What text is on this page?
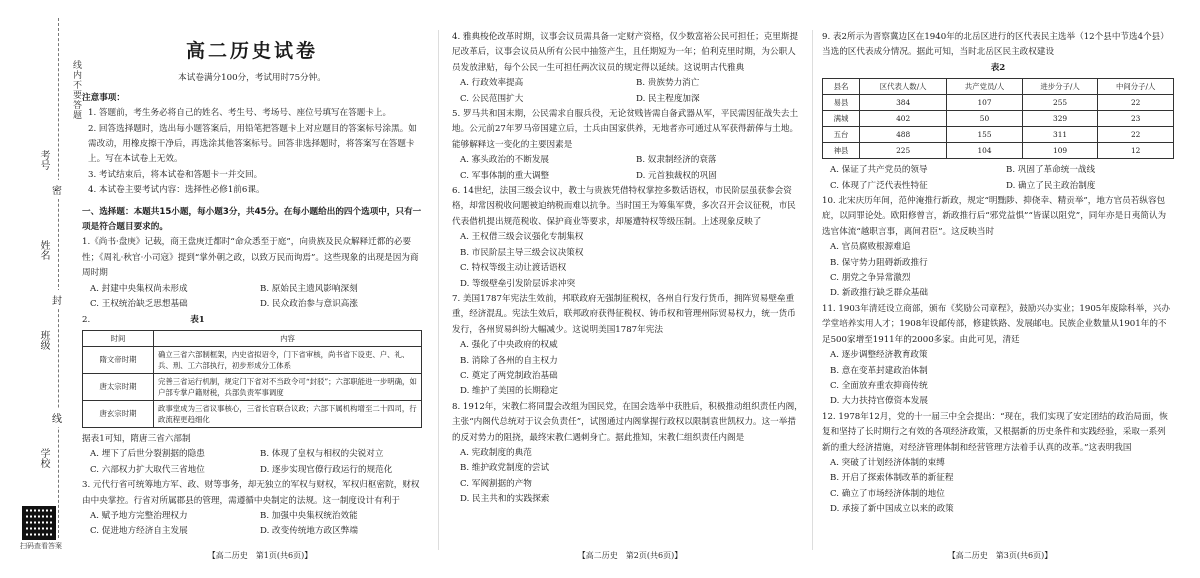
考号
姓名
班级
学校
密
封
线
线内不要答题
扫码查看答案
高二历史试卷
本试卷满分100分，考试用时75分钟。
注意事项：
1. 答题前，考生务必将自己的姓名、考生号、考场号、座位号填写在答题卡上。
2. 回答选择题时，选出每小题答案后，用铅笔把答题卡上对应题目的答案标号涂黑。如需改动，用橡皮擦干净后，再选涂其他答案标号。回答非选择题时，将答案写在答题卡上。写在本试卷上无效。
3. 考试结束后，将本试卷和答题卡一并交回。
4. 本试卷主要考试内容：选择性必修1前6课。
一、选择题：本题共15小题，每小题3分，共45分。在每小题给出的四个选项中，只有一项是符合题目要求的。
1.《尚书·盘庚》记载，商王盘庚迁都时“命众悉至于庭”，向贵族及民众解释迁都的必要性；《周礼·秋官·小司寇》提到“掌外朝之政，以致万民而询焉”。这些现象的出现是因为商周时期
A. 封建中央集权尚未形成	B. 原始民主遗风影响深刻
C. 王权统治缺乏思想基础	D. 民众政治参与意识高涨
2.	表1
时间	内容
隋文帝时期	确立三省六部制框架，内史省拟诏令，门下省审核，尚书省下设吏、户、礼、兵、刑、工六部执行，初步形成分工体系
唐太宗时期	完善三省运行机制，规定门下省对不当政令可“封驳”；六部职能进一步明确，如户部专掌户籍财税，兵部负责军事调度
唐玄宗时期	政事堂成为三省议事核心，三省长官联合议政；六部下属机构增至二十四司，行政流程更趋细化
据表1可知，隋唐三省六部制
A. 埋下了后世分裂割据的隐患	B. 体现了皇权与相权的尖锐对立
C. 六部权力扩大取代三省地位	D. 逐步实现官僚行政运行的规范化
3. 元代行省可统筹地方军、政、财等事务，却无独立的军权与财权，军权归枢密院，财权由中央掌控。行省对所属郡县的管理，需遵循中央制定的法规。这一制度设计有利于
A. 赋予地方完整治理权力	B. 加强中央集权统治效能
C. 促进地方经济自主发展	D. 改变传统地方政区弊端
4. 雅典梭伦改革时期，议事会议员需具备一定财产资格，仅少数富裕公民可担任；克里斯提尼改革后，议事会议员从所有公民中抽签产生，且任期短为一年；伯利克里时期，为公职人员发放津贴，每个公民一生可担任两次议员的规定得以延续。这说明古代雅典
A. 行政效率提高	B. 贵族势力消亡
C. 公民范围扩大	D. 民主程度加深
5. 罗马共和国末期，公民需求自服兵役，无论贫贱皆需自备武器从军，平民需因征战失去土地。公元前27年罗马帝国建立后，士兵由国家供养，无地者亦可通过从军获得薪俸与土地。能够解释这一变化的主要因素是
A. 寡头政治的不断发展	B. 奴隶制经济的衰落
C. 军事体制的重大调整	D. 元首独裁权的巩固
6. 14世纪，法国三级会议中，教士与贵族凭借特权掌控多数话语权，市民阶层虽获参会资格，却常因税收问题被迫纳税而难以抗争。当时国王为筹集军费，多次召开会议征税，市民代表借机提出规范税收、保护商业等要求，却屡遭特权等级压制。上述现象反映了
A. 王权借三级会议强化专制集权
B. 市民阶层主导三级会议决策权
C. 特权等级主动让渡话语权
D. 等级壁垒引发阶层诉求冲突
7. 美国1787年宪法生效前，邦联政府无强制征税权，各州自行发行货币，拥阵贸易壁垒重重，经济混乱。宪法生效后，联邦政府获得征税权、铸币权和管理州际贸易权力，统一货币发行，各州贸易纠纷大幅减少。这说明美国1787年宪法
A. 强化了中央政府的权威
B. 消除了各州的自主权力
C. 奠定了两党制政治基础
D. 维护了美国的长期稳定
8. 1912年，宋教仁将同盟会改组为国民党，在国会选举中获胜后，积极推动组织责任内阁，主张“内阁代总统对于议会负责任”，试图通过内阁掌握行政权以限制袁世凯权力。这一举措的反对势力的阻挠，最终宋教仁遇刺身亡。据此推知，宋教仁组织责任内阁是
A. 宪政制度的典范
B. 维护政党制度的尝试
C. 军阀割据的产物
D. 民主共和的实践探索
9. 表2所示为晋察冀边区在1940年的北岳区进行的区代表民主选举（12个县中节选4个县）当选的区代表成分情况。据此可知，当时北岳区民主政权建设
表2
县名	区代表人数/人	共产党员/人	进步分子/人	中间分子/人
易县	384	107	255	22
满城	402	50	329	23
五台	488	155	311	22
神县	225	104	109	12
A. 保证了共产党员的领导	B. 巩固了革命统一战线
C. 体现了广泛代表性特征	D. 确立了民主政治制度
10. 北宋庆历年间，范仲淹推行新政，规定“明黜陟、抑侥幸、精贡举”，地方官员若纵容包庇，以同罪论处。欧阳修曾言，新政推行后“邪党益惧”“皆谋以阻党”，同年亦是日夷简认为选官体流“越职言事，离间君臣”。这反映当时
A. 官员腐败根源难追
B. 保守势力阻碍新政推行
C. 朋党之争异常激烈
D. 新政推行缺乏群众基础
11. 1903年清廷设立商部，颁布《奖励公司章程》，鼓励兴办实业；1905年废除科举，兴办学堂培养实用人才；1908年设邮传部，修建铁路、发展邮电。民族企业数量从1901年的不足500家增至1911年的2000多家。由此可见，清廷
A. 逐步调整经济教育政策
B. 意在变革封建政治体制
C. 全面放弃重农抑商传统
D. 大力扶持官僚资本发展
12. 1978年12月，党的十一届三中全会提出：“现在，我们实现了安定团结的政治局面，恢复和坚持了长时期行之有效的各项经济政策，又根据新的历史条件和实践经验，采取一系列新的重大经济措施，对经济管理体制和经营管理方法着手认真的改革。”这表明我国
A. 突破了计划经济体制的束缚
B. 开启了探索体制改革的新征程
C. 确立了市场经济体制的地位
D. 承接了新中国成立以来的政策
【高二历史　第1页(共6页)】	【高二历史　第2页(共6页)】	【高二历史　第3页(共6页)】
